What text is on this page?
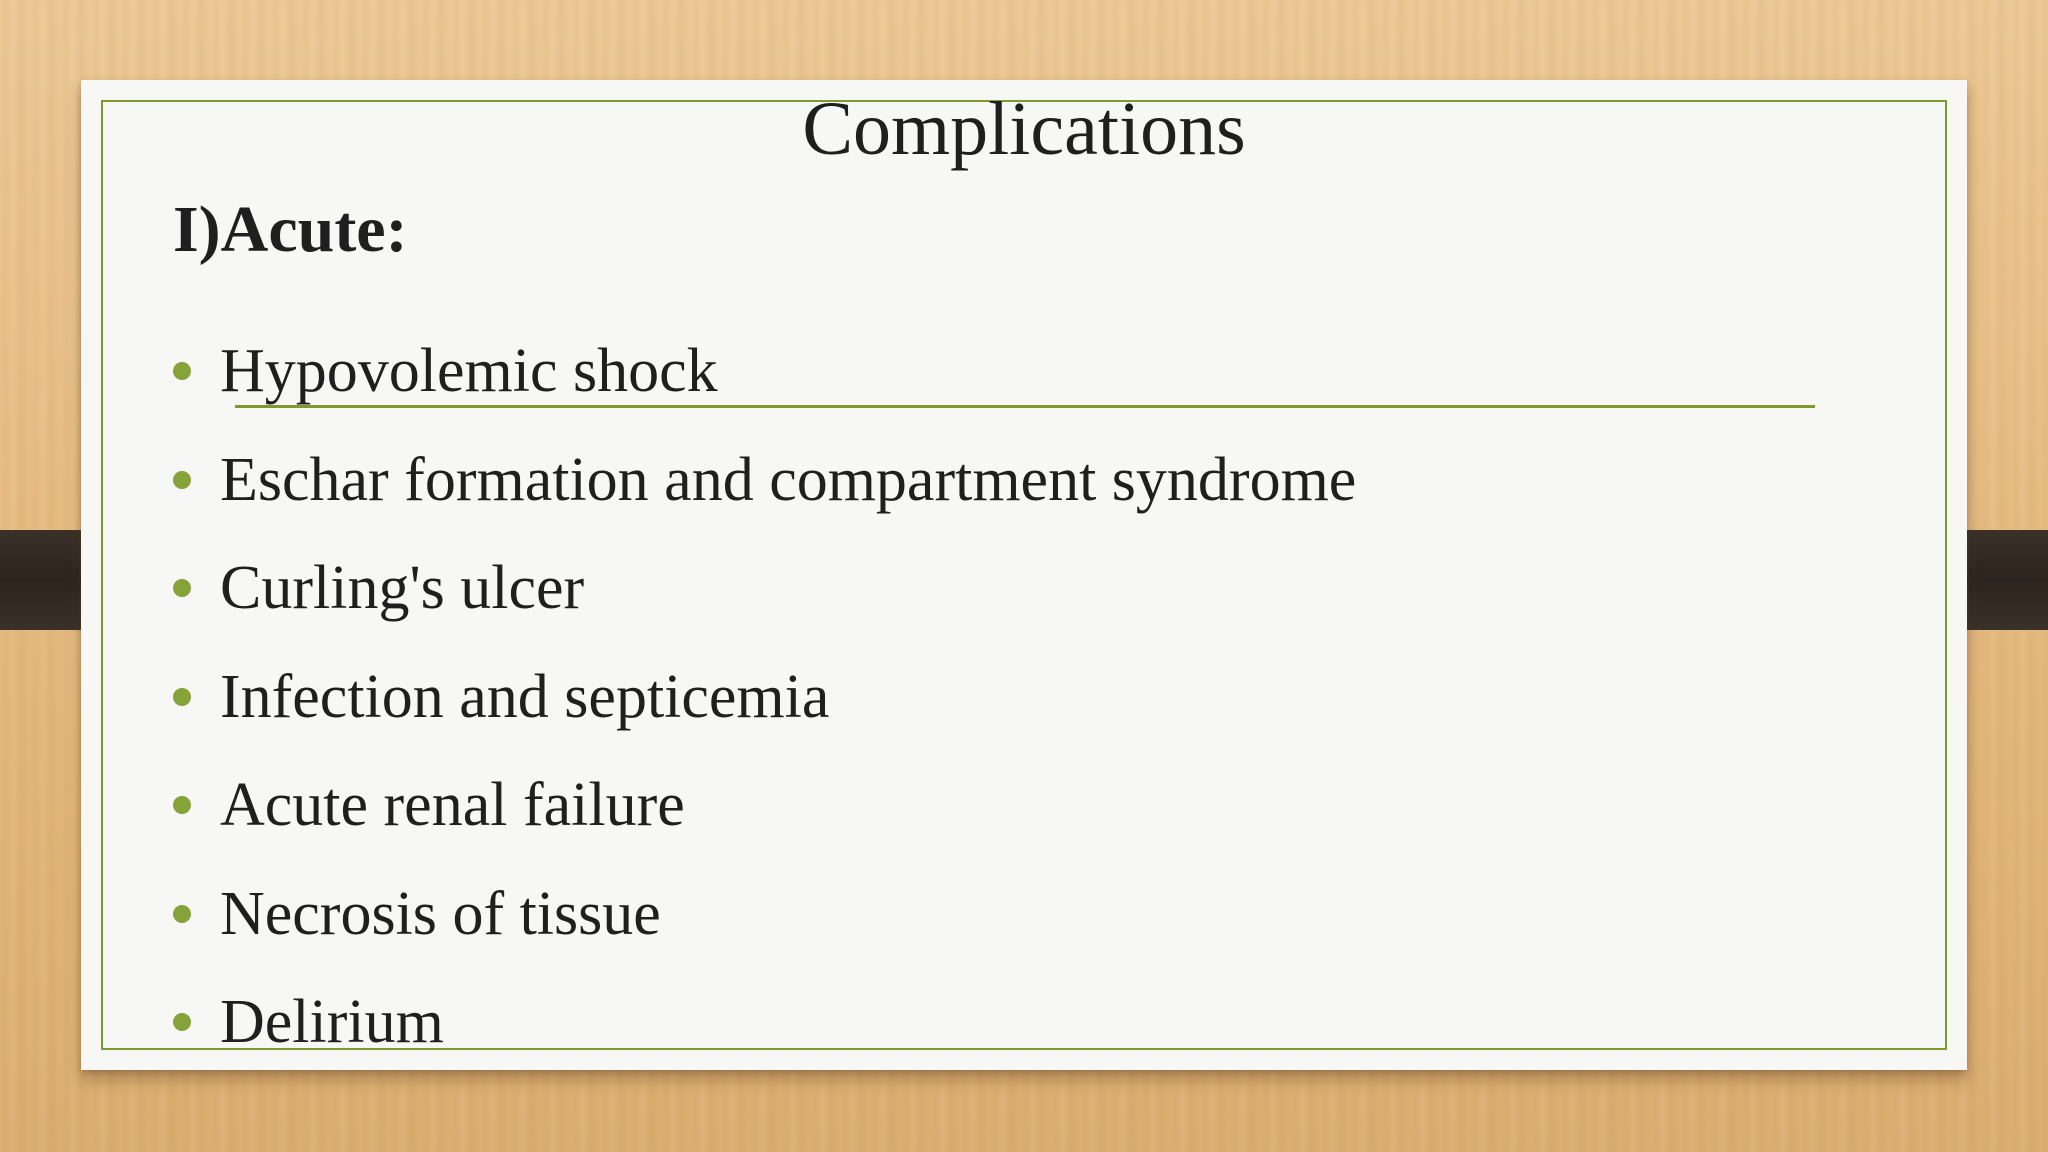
Complications
I)Acute:
Hypovolemic shock
Eschar formation and compartment syndrome
Curling's ulcer
Infection and septicemia
Acute renal failure
Necrosis of tissue
Delirium
